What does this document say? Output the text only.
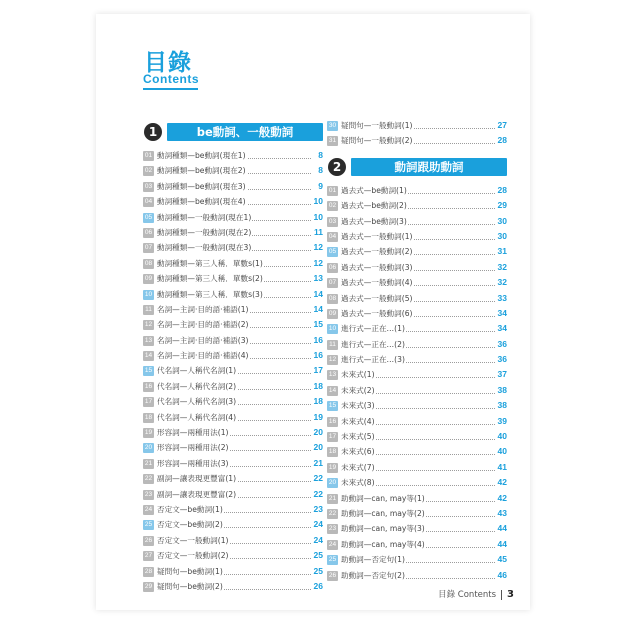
目錄
Contents
1	be動詞、一般動詞
01 動詞種類—be動詞(現在1)	8
02 動詞種類—be動詞(現在2)	8
03 動詞種類—be動詞(現在3)	9
04 動詞種類—be動詞(現在4)	10
05 動詞種類—一般動詞(現在1)	10
06 動詞種類—一般動詞(現在2)	11
07 動詞種類—一般動詞(現在3)	12
08 動詞種類—第三人稱．單數s(1)	12
09 動詞種類—第三人稱．單數s(2)	13
10 動詞種類—第三人稱．單數s(3)	14
11 名詞—主詞·目的語·補語(1)	14
12 名詞—主詞·目的語·補語(2)	15
13 名詞—主詞·目的語·補語(3)	16
14 名詞—主詞·目的語·補語(4)	16
15 代名詞—人稱代名詞(1)	17
16 代名詞—人稱代名詞(2)	18
17 代名詞—人稱代名詞(3)	18
18 代名詞—人稱代名詞(4)	19
19 形容詞—兩種用法(1)	20
20 形容詞—兩種用法(2)	20
21 形容詞—兩種用法(3)	21
22 副詞—讓表現更豐富(1)	22
23 副詞—讓表現更豐富(2)	22
24 否定文—be動詞(1)	23
25 否定文—be動詞(2)	24
26 否定文—一般動詞(1)	24
27 否定文—一般動詞(2)	25
28 疑問句—be動詞(1)	25
29 疑問句—be動詞(2)	26
30 疑問句—一般動詞(1)	27
31 疑問句—一般動詞(2)	28
2	動詞跟助動詞
01 過去式—be動詞(1)	28
02 過去式—be動詞(2)	29
03 過去式—be動詞(3)	30
04 過去式—一般動詞(1)	30
05 過去式—一般動詞(2)	31
06 過去式—一般動詞(3)	32
07 過去式—一般動詞(4)	32
08 過去式—一般動詞(5)	33
09 過去式—一般動詞(6)	34
10 進行式—正在…(1)	34
11 進行式—正在…(2)	36
12 進行式—正在…(3)	36
13 未來式(1)	37
14 未來式(2)	38
15 未來式(3)	38
16 未來式(4)	39
17 未來式(5)	40
18 未來式(6)	40
19 未來式(7)	41
20 未來式(8)	42
21 助動詞—can, may等(1)	42
22 助動詞—can, may等(2)	43
23 助動詞—can, may等(3)	44
24 助動詞—can, may等(4)	44
25 助動詞—否定句(1)	45
26 助動詞—否定句(2)	46
目錄 Contents 3
